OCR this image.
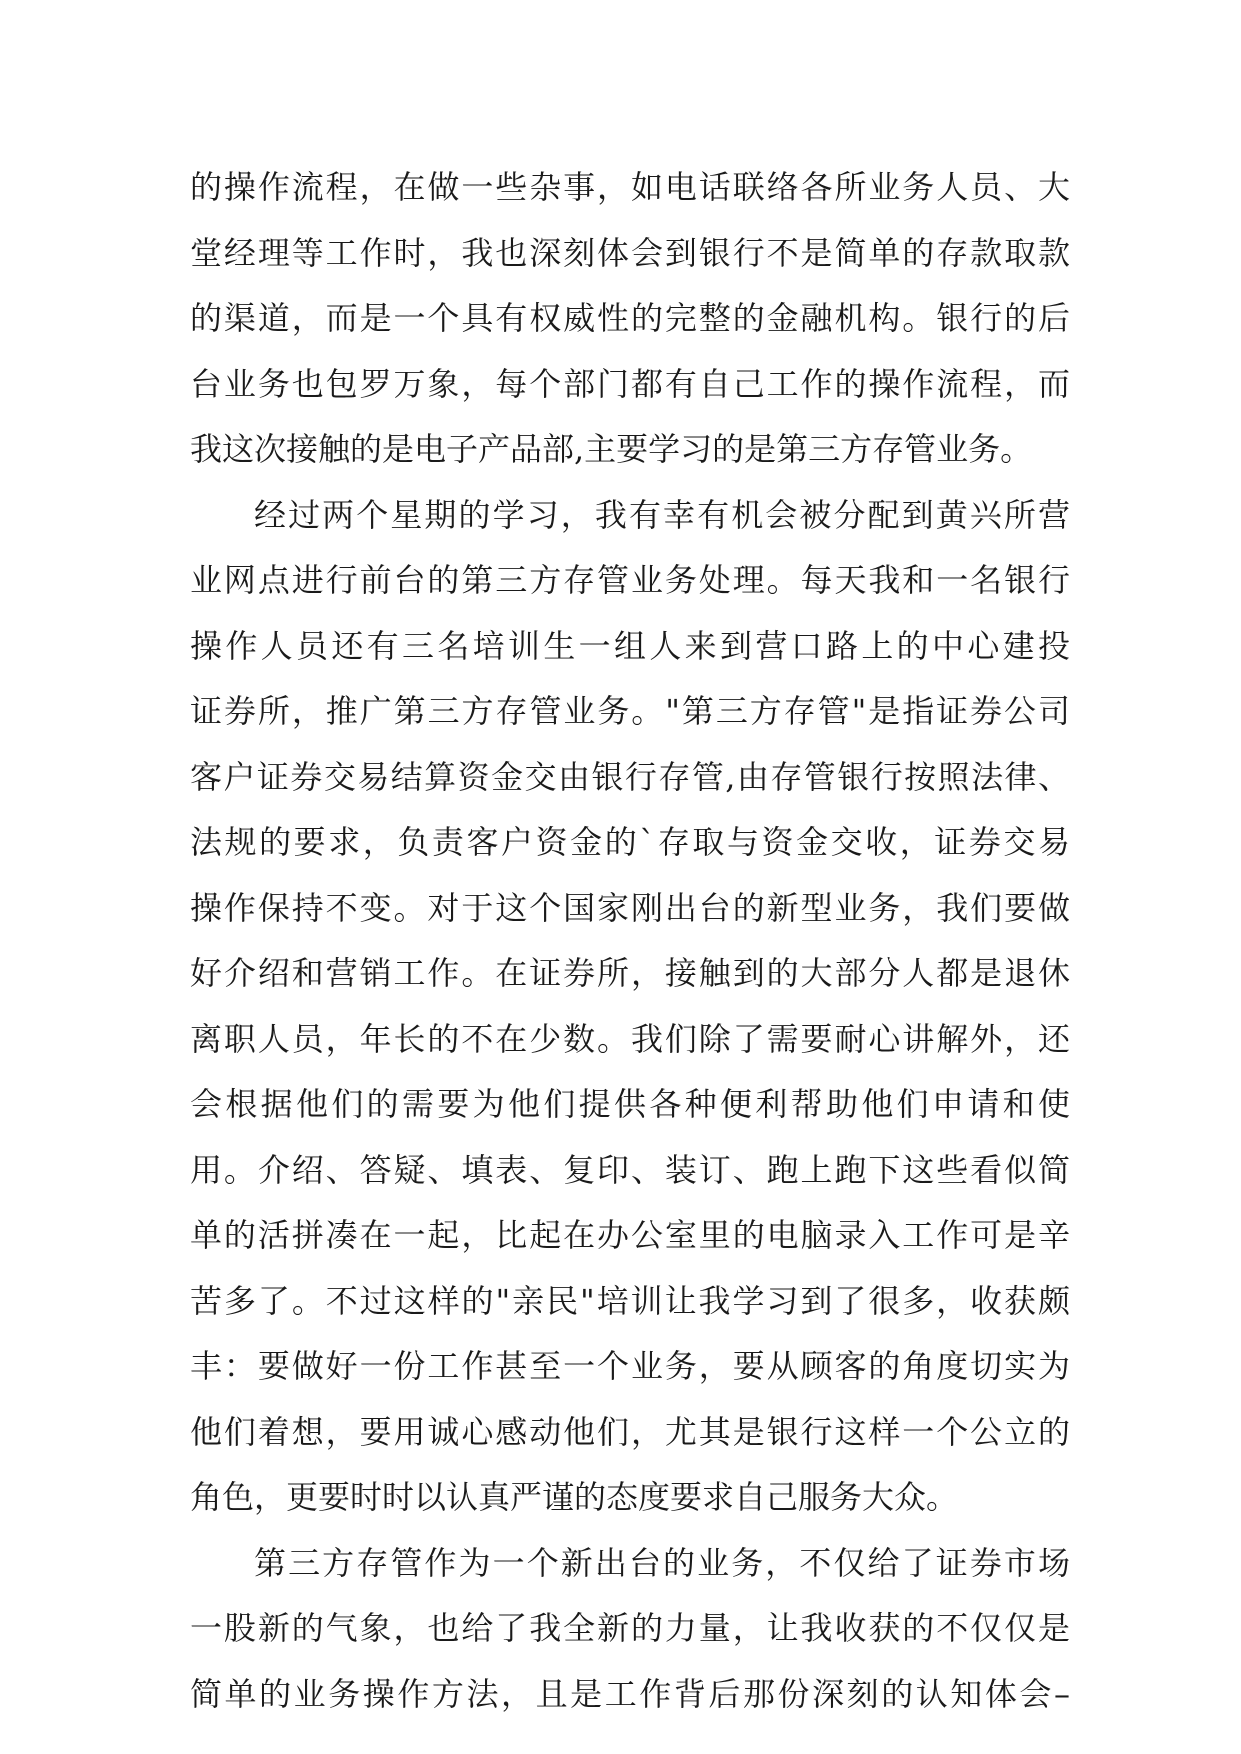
的操作流程，在做一些杂事，如电话联络各所业务人员、大
堂经理等工作时，我也深刻体会到银行不是简单的存款取款
的渠道，而是一个具有权威性的完整的金融机构。银行的后
台业务也包罗万象，每个部门都有自己工作的操作流程，而
我这次接触的是电子产品部,主要学习的是第三方存管业务。
经过两个星期的学习，我有幸有机会被分配到黄兴所营
业网点进行前台的第三方存管业务处理。每天我和一名银行
操作人员还有三名培训生一组人来到营口路上的中心建投
证券所，推广第三方存管业务。"第三方存管"是指证券公司
客户证券交易结算资金交由银行存管,由存管银行按照法律、
法规的要求，负责客户资金的`存取与资金交收，证券交易
操作保持不变。对于这个国家刚出台的新型业务，我们要做
好介绍和营销工作。在证券所，接触到的大部分人都是退休
离职人员，年长的不在少数。我们除了需要耐心讲解外，还
会根据他们的需要为他们提供各种便利帮助他们申请和使
用。介绍、答疑、填表、复印、装订、跑上跑下这些看似简
单的活拼凑在一起，比起在办公室里的电脑录入工作可是辛
苦多了。不过这样的"亲民"培训让我学习到了很多，收获颇
丰：要做好一份工作甚至一个业务，要从顾客的角度切实为
他们着想，要用诚心感动他们，尤其是银行这样一个公立的
角色，更要时时以认真严谨的态度要求自己服务大众。
第三方存管作为一个新出台的业务，不仅给了证券市场
一股新的气象，也给了我全新的力量，让我收获的不仅仅是
简单的业务操作方法，且是工作背后那份深刻的认知体会–
